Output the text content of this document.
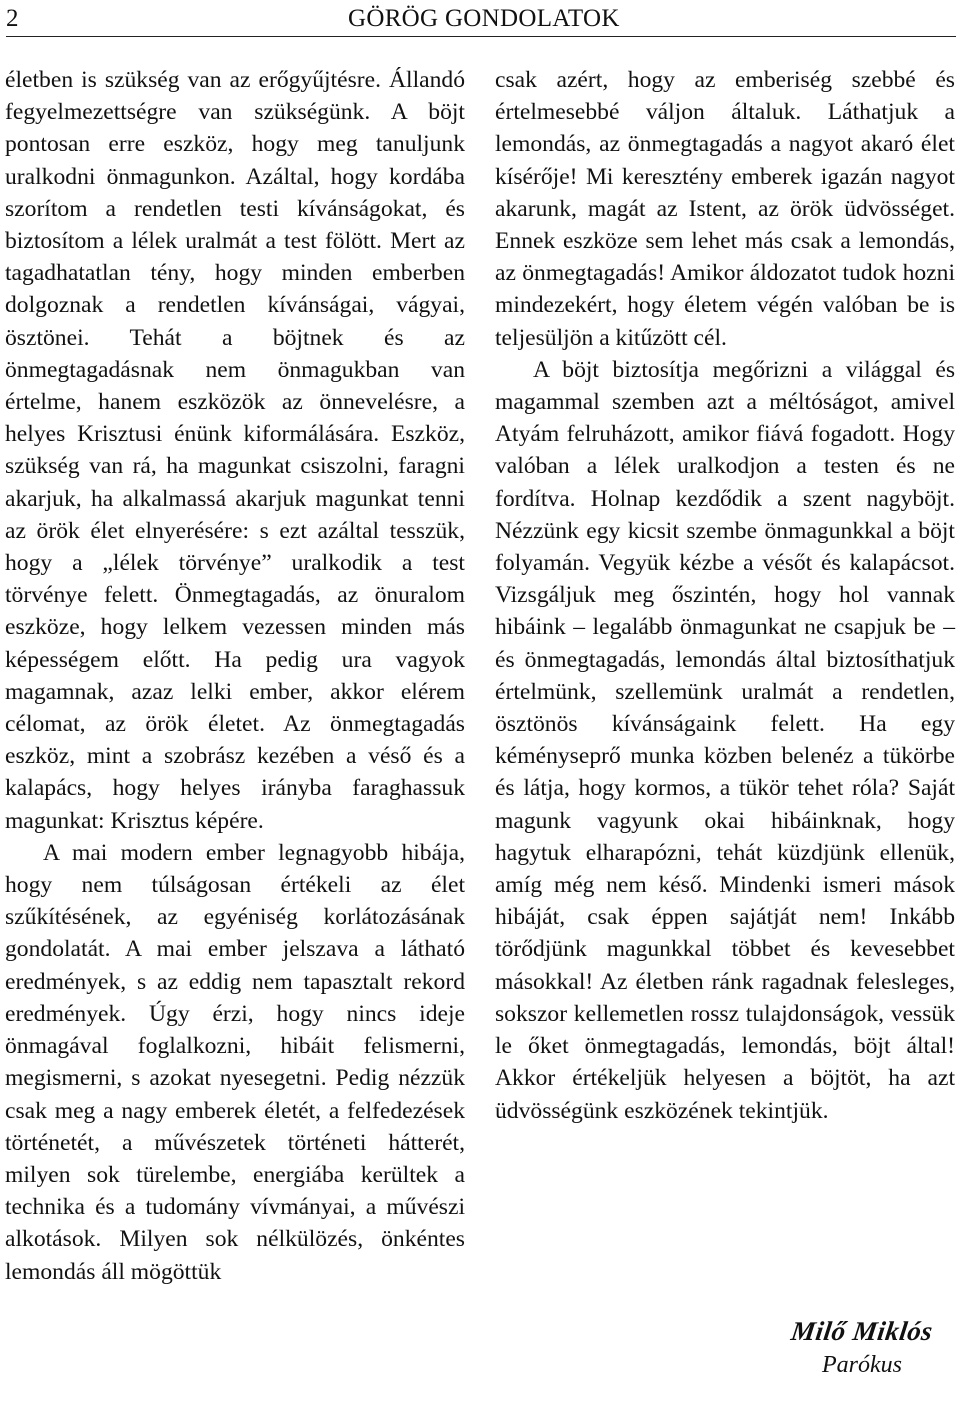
2	GÖRÖG GONDOLATOK

életben is szükség van az erőgyűjtésre. Állandó fegyelmezettségre van szükségünk. A böjt pontosan erre eszköz, hogy meg tanuljunk uralkodni önmagunkon. Azáltal, hogy kordába szorítom a rendetlen testi kívánságokat, és biztosítom a lélek uralmát a test fölött. Mert az tagadhatatlan tény, hogy minden emberben dolgoznak a rendetlen kívánságai, vágyai, ösztönei. Tehát a böjtnek és az önmegtagadásnak nem önmagukban van értelme, hanem eszközök az önnevelésre, a helyes Krisztusi énünk kiformálására. Eszköz, szükség van rá, ha magunkat csiszolni, faragni akarjuk, ha alkalmassá akarjuk magunkat tenni az örök élet elnyerésére: s ezt azáltal tesszük, hogy a „lélek törvénye” uralkodik a test törvénye felett. Önmegtagadás, az önuralom eszköze, hogy lelkem vezessen minden más képességem előtt. Ha pedig ura vagyok magamnak, azaz lelki ember, akkor elérem célomat, az örök életet. Az önmegtagadás eszköz, mint a szobrász kezében a véső és a kalapács, hogy helyes irányba faraghassuk magunkat: Krisztus képére.

A mai modern ember legnagyobb hibája, hogy nem túlságosan értékeli az élet szűkítésének, az egyéniség korlátozásának gondolatát. A mai ember jelszava a látható eredmények, s az eddig nem tapasztalt rekord eredmények. Úgy érzi, hogy nincs ideje önmagával foglalkozni, hibáit felismerni, megismerni, s azokat nyesegetni. Pedig nézzük csak meg a nagy emberek életét, a felfedezések történetét, a művészetek történeti hátterét, milyen sok türelembe, energiába kerültek a technika és a tudomány vívmányai, a művészi alkotások. Milyen sok nélkülözés, önkéntes lemondás áll mögöttük

csak azért, hogy az emberiség szebbé és értelmesebbé váljon általuk. Láthatjuk a lemondás, az önmegtagadás a nagyot akaró élet kísérője! Mi keresztény emberek igazán nagyot akarunk, magát az Istent, az örök üdvösséget. Ennek eszköze sem lehet más csak a lemondás, az önmegtagadás! Amikor áldozatot tudok hozni mindezekért, hogy életem végén valóban be is teljesüljön a kitűzött cél.

A böjt biztosítja megőrizni a világgal és magammal szemben azt a méltóságot, amivel Atyám felruházott, amikor fiává fogadott. Hogy valóban a lélek uralkodjon a testen és ne fordítva. Holnap kezdődik a szent nagyböjt. Nézzünk egy kicsit szembe önmagunkkal a böjt folyamán. Vegyük kézbe a vésőt és kalapácsot. Vizsgáljuk meg őszintén, hogy hol vannak hibáink – legalább önmagunkat ne csapjuk be – és önmegtagadás, lemondás által biztosíthatjuk értelmünk, szellemünk uralmát a rendetlen, ösztönös kívánságaink felett. Ha egy kéményseprő munka közben belenéz a tükörbe és látja, hogy kormos, a tükör tehet róla? Saját magunk vagyunk okai hibáinknak, hogy hagytuk elharapózni, tehát küzdjünk ellenük, amíg még nem késő. Mindenki ismeri mások hibáját, csak éppen sajátját nem! Inkább törődjünk magunkkal többet és kevesebbet másokkal! Az életben ránk ragadnak felesleges, sokszor kellemetlen rossz tulajdonságok, vessük le őket önmegtagadás, lemondás, böjt által! Akkor értékeljük helyesen a böjtöt, ha azt üdvösségünk eszközének tekintjük.

Milő Miklós
Parókus
